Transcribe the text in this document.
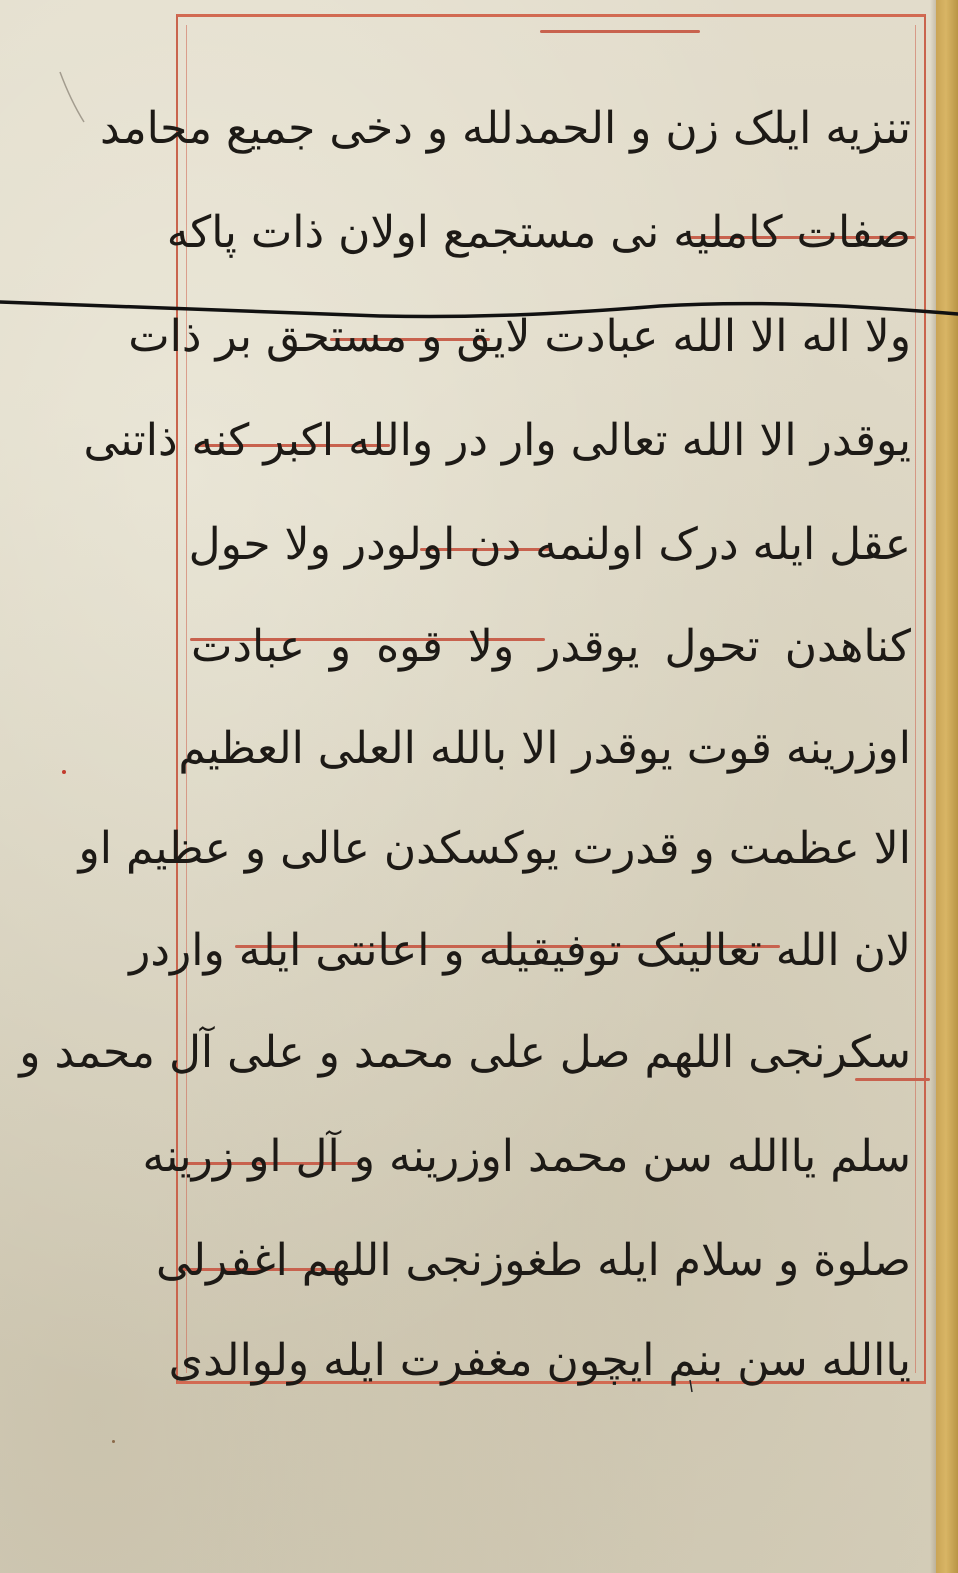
تنزیه ایلک زن و الحمدلله و دخی جمیع محامد
صفات کاملیه نی مستجمع اولان ذات پاکه
ولا اله الا الله عبادت لایق و مستحق بر ذات
یوقدر الا الله تعالی وار در والله اکبر کنه ذاتنی
عقل ایله درک اولنمه دن اولودر ولا حول
کناهدن تحول یوقدر ولا قوه و عبادت
اوزرینه قوت یوقدر الا بالله العلی العظیم
الا عظمت و قدرت یوکسکدن عالی و عظیم او
لان الله تعالینک توفیقیله و اعانتی ایله واردر
سکرنجی اللهم صل علی محمد و علی آل محمد و
سلم یاالله سن محمد اوزرینه و آل او زرینه
صلوة و سلام ایله طغوزنجی اللهم اغفرلی
یاالله سن بنم ایچون مغفرت ایله ولوالدی
